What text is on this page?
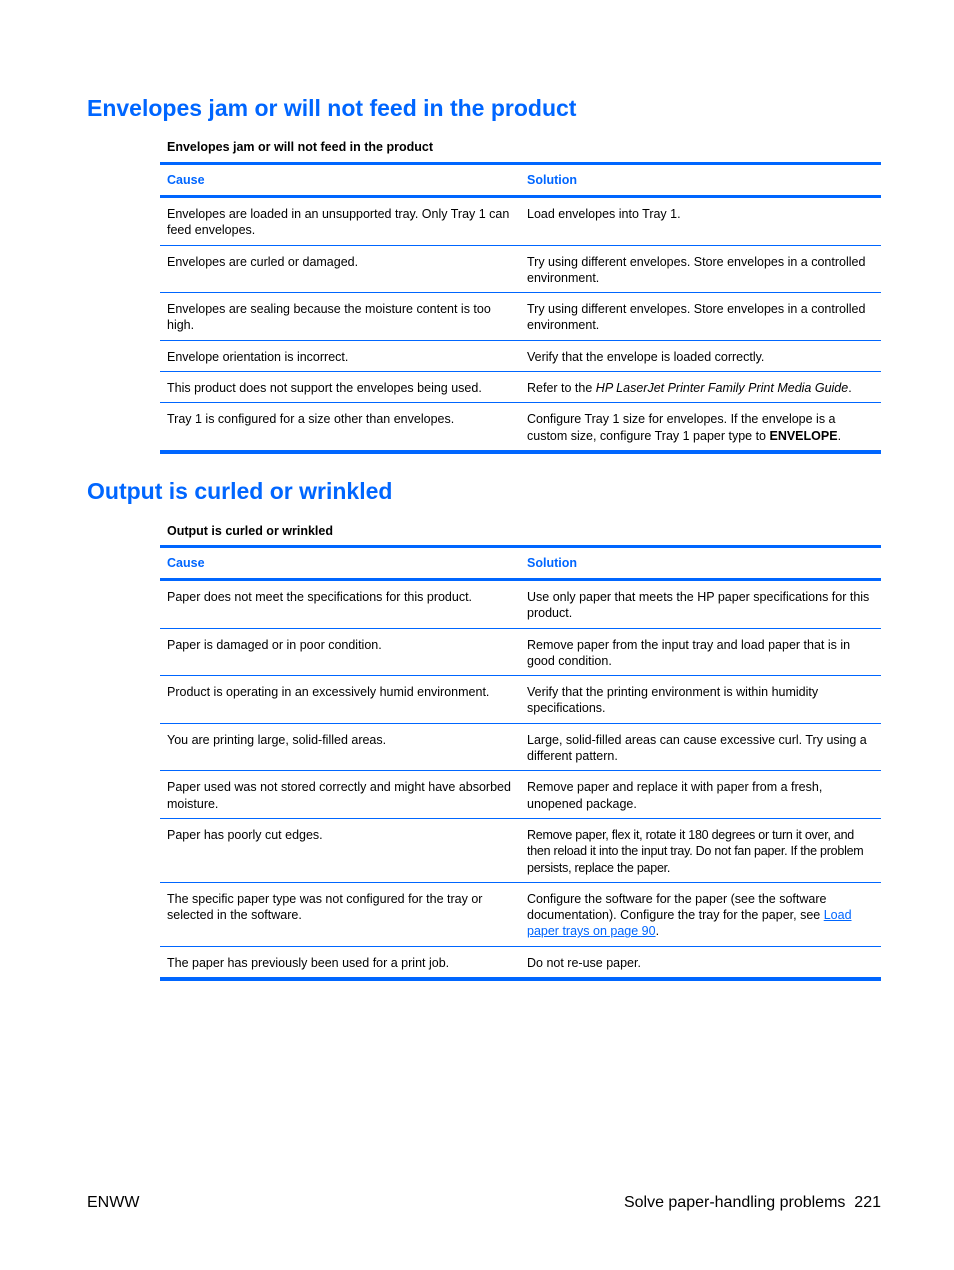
Envelopes jam or will not feed in the product
Envelopes jam or will not feed in the product
Cause	Solution
Envelopes are loaded in an unsupported tray. Only Tray 1 can feed envelopes.	Load envelopes into Tray 1.
Envelopes are curled or damaged.	Try using different envelopes. Store envelopes in a controlled environment.
Envelopes are sealing because the moisture content is too high.	Try using different envelopes. Store envelopes in a controlled environment.
Envelope orientation is incorrect.	Verify that the envelope is loaded correctly.
This product does not support the envelopes being used.	Refer to the HP LaserJet Printer Family Print Media Guide.
Tray 1 is configured for a size other than envelopes.	Configure Tray 1 size for envelopes. If the envelope is a custom size, configure Tray 1 paper type to ENVELOPE.
Output is curled or wrinkled
Output is curled or wrinkled
Cause	Solution
Paper does not meet the specifications for this product.	Use only paper that meets the HP paper specifications for this product.
Paper is damaged or in poor condition.	Remove paper from the input tray and load paper that is in good condition.
Product is operating in an excessively humid environment.	Verify that the printing environment is within humidity specifications.
You are printing large, solid-filled areas.	Large, solid-filled areas can cause excessive curl. Try using a different pattern.
Paper used was not stored correctly and might have absorbed moisture.	Remove paper and replace it with paper from a fresh, unopened package.
Paper has poorly cut edges.	Remove paper, flex it, rotate it 180 degrees or turn it over, and then reload it into the input tray. Do not fan paper. If the problem persists, replace the paper.
The specific paper type was not configured for the tray or selected in the software.	Configure the software for the paper (see the software documentation). Configure the tray for the paper, see Load paper trays on page 90.
The paper has previously been used for a print job.	Do not re-use paper.
ENWW	Solve paper-handling problems 221
